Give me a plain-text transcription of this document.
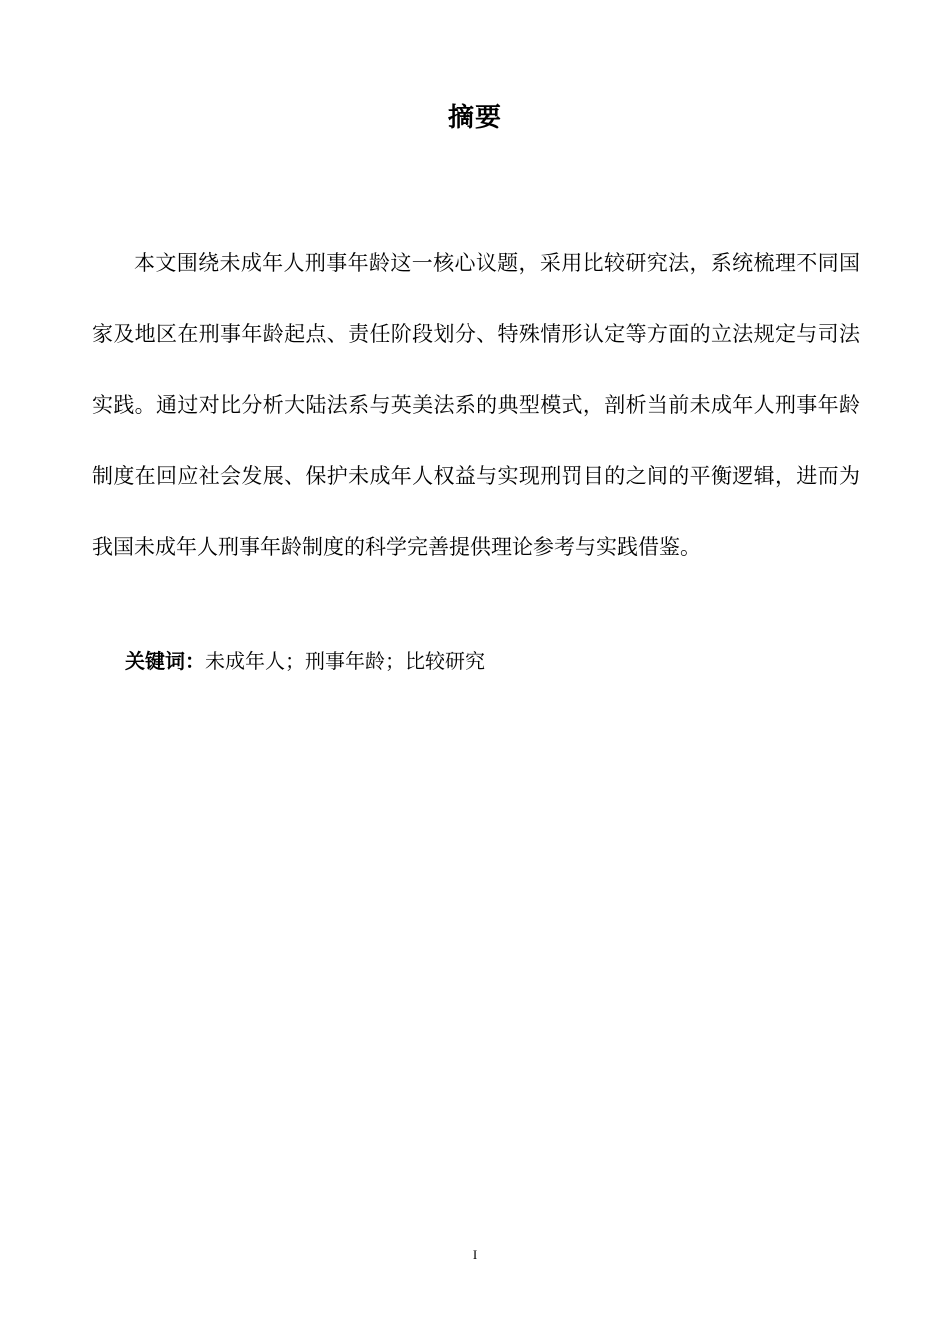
摘要

本文围绕未成年人刑事年龄这一核心议题，采用比较研究法，系统梳理不同国家及地区在刑事年龄起点、责任阶段划分、特殊情形认定等方面的立法规定与司法实践。通过对比分析大陆法系与英美法系的典型模式，剖析当前未成年人刑事年龄制度在回应社会发展、保护未成年人权益与实现刑罚目的之间的平衡逻辑，进而为我国未成年人刑事年龄制度的科学完善提供理论参考与实践借鉴。

关键词：未成年人；刑事年龄；比较研究
I
